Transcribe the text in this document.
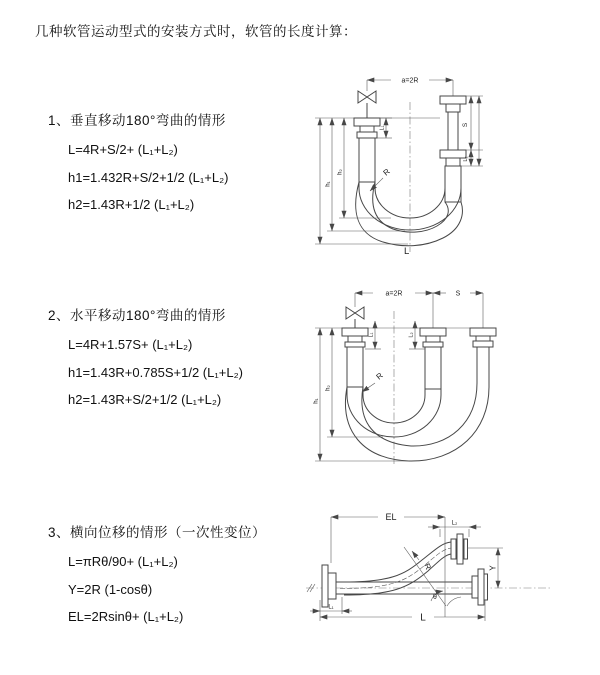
几种软管运动型式的安装方式时，软管的长度计算：
1、垂直移动180°弯曲的情形
L=4R+S/2+ (L₁+L₂)
h1=1.432R+S/2+1/2 (L₁+L₂)
h2=1.43R+1/2 (L₁+L₂)
2、水平移动180°弯曲的情形
L=4R+1.57S+ (L₁+L₂)
h1=1.43R+0.785S+1/2 (L₁+L₂)
h2=1.43R+S/2+1/2 (L₁+L₂)
3、横向位移的情形（一次性变位）
L=πRθ/90+ (L₁+L₂)
Y=2R (1-cosθ)
EL=2Rsinθ+ (L₁+L₂)
a=2R
S
L₂
h₁
h₂
L₁
R
L
a=2R	S
h₁
h₂
L₁	L₂
R
EL
L₂
Y
R
θ
L
L₁
